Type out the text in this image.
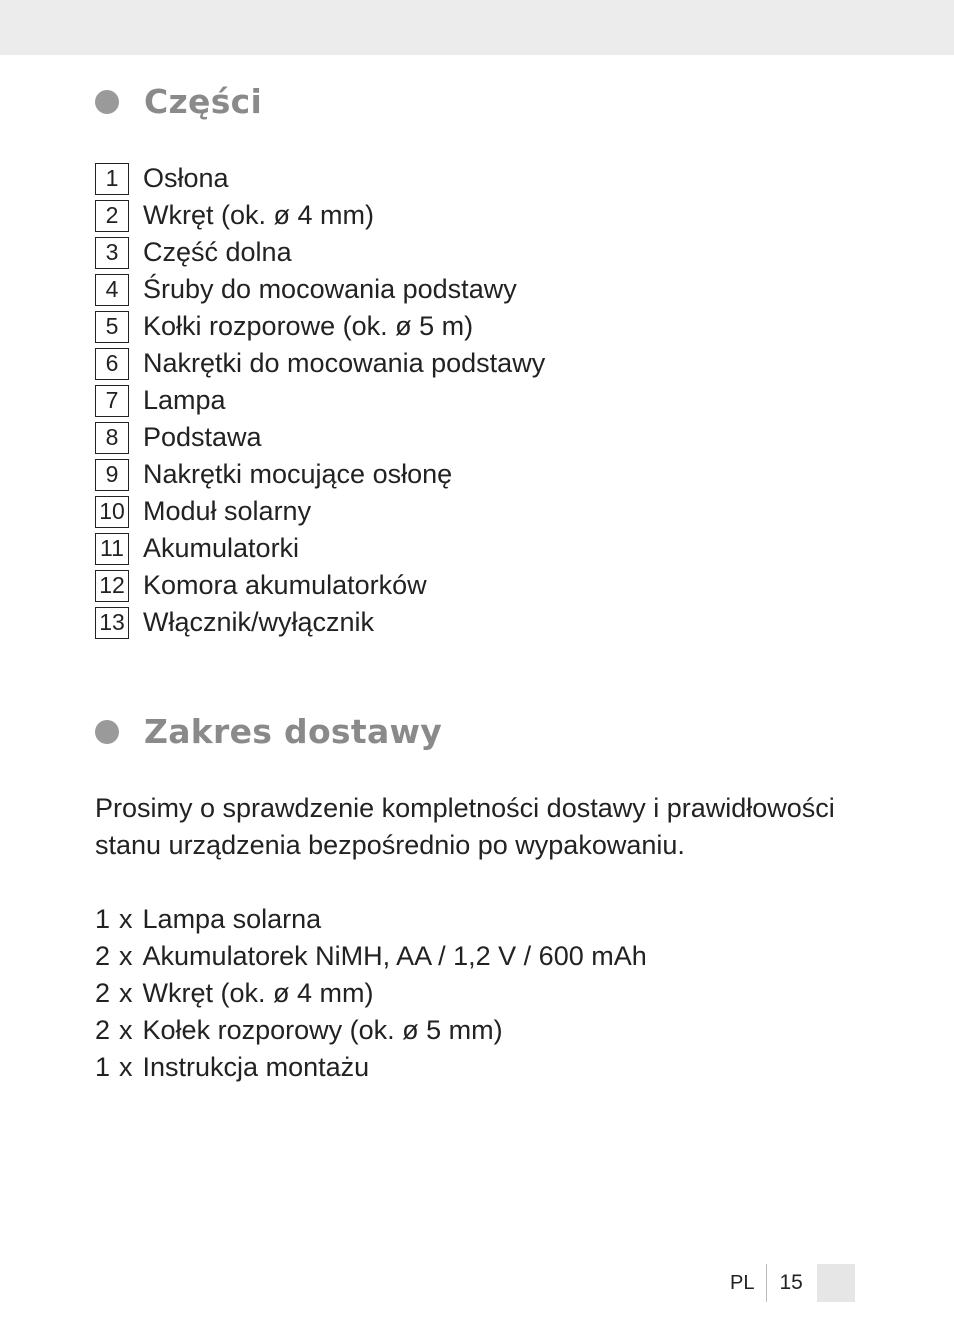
Części
1 Osłona
2 Wkręt (ok. ø 4 mm)
3 Część dolna
4 Śruby do mocowania podstawy
5 Kołki rozporowe (ok. ø 5 m)
6 Nakrętki do mocowania podstawy
7 Lampa
8 Podstawa
9 Nakrętki mocujące osłonę
10 Moduł solarny
11 Akumulatorki
12 Komora akumulatorków
13 Włącznik/wyłącznik
Zakres dostawy

Prosimy o sprawdzenie kompletności dostawy i prawidłowości stanu urządzenia bezpośrednio po wypakowaniu.

1 x Lampa solarna
2 x Akumulatorek NiMH, AA / 1,2 V / 600 mAh
2 x Wkręt (ok. ø 4 mm)
2 x Kołek rozporowy (ok. ø 5 mm)
1 x Instrukcja montażu
PL 15
